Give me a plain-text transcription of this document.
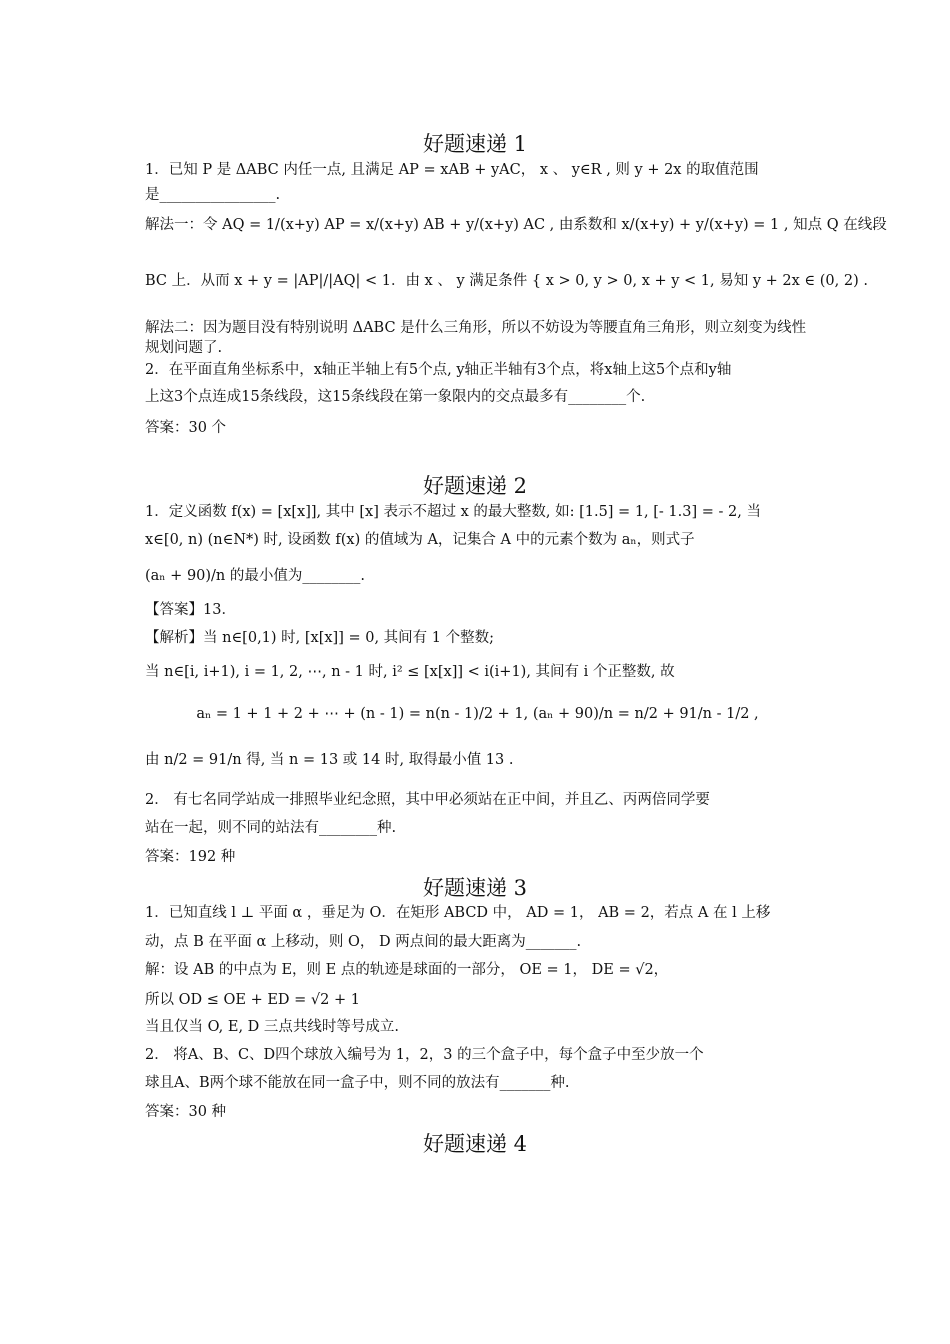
好题速递 1
1．已知 P 是 ΔABC 内任一点, 且满足 AP = xAB + yAC， x 、 y∈R , 则 y + 2x 的取值范围
是________________.
解法一：令 AQ = 1/(x+y) AP = x/(x+y) AB + y/(x+y) AC , 由系数和 x/(x+y) + y/(x+y) = 1 , 知点 Q 在线段
BC 上．从而 x + y = |AP|/|AQ| < 1．由 x 、 y 满足条件 { x > 0, y > 0, x + y < 1, 易知 y + 2x ∈ (0, 2) .
解法二：因为题目没有特别说明 ΔABC 是什么三角形，所以不妨设为等腰直角三角形，则立刻变为线性规划问题了.
2．在平面直角坐标系中，x轴正半轴上有5个点, y轴正半轴有3个点，将x轴上这5个点和y轴
上这3个点连成15条线段，这15条线段在第一象限内的交点最多有________个.
答案：30 个
好题速递 2
1．定义函数 f(x) = [x[x]], 其中 [x] 表示不超过 x 的最大整数, 如: [1.5] = 1, [- 1.3] = - 2, 当
x∈[0, n) (n∈N*) 时, 设函数 f(x) 的值域为 A，记集合 A 中的元素个数为 aₙ，则式子
(aₙ + 90)/n 的最小值为________.
【答案】13．
【解析】当 n∈[0,1) 时, [x[x]] = 0, 其间有 1 个整数;
当 n∈[i, i+1), i = 1, 2, ⋯, n - 1 时, i² ≤ [x[x]] < i(i+1), 其间有 i 个正整数, 故
aₙ = 1 + 1 + 2 + ⋯ + (n - 1) = n(n - 1)/2 + 1, (aₙ + 90)/n = n/2 + 91/n - 1/2 ,
由 n/2 = 91/n 得, 当 n = 13 或 14 时, 取得最小值 13 .
2． 有七名同学站成一排照毕业纪念照，其中甲必须站在正中间，并且乙、丙两倍同学要
站在一起，则不同的站法有________种.
答案：192 种
好题速递 3
1．已知直线 l ⊥ 平面 α ，垂足为 O．在矩形 ABCD 中， AD = 1， AB = 2，若点 A 在 l 上移
动，点 B 在平面 α 上移动，则 O， D 两点间的最大距离为_______.
解：设 AB 的中点为 E，则 E 点的轨迹是球面的一部分， OE = 1， DE = √2，
所以 OD ≤ OE + ED = √2 + 1
当且仅当 O, E, D 三点共线时等号成立.
2． 将A、B、C、D四个球放入编号为 1，2，3 的三个盒子中，每个盒子中至少放一个
球且A、B两个球不能放在同一盒子中，则不同的放法有_______种.
答案：30 种
好题速递 4
